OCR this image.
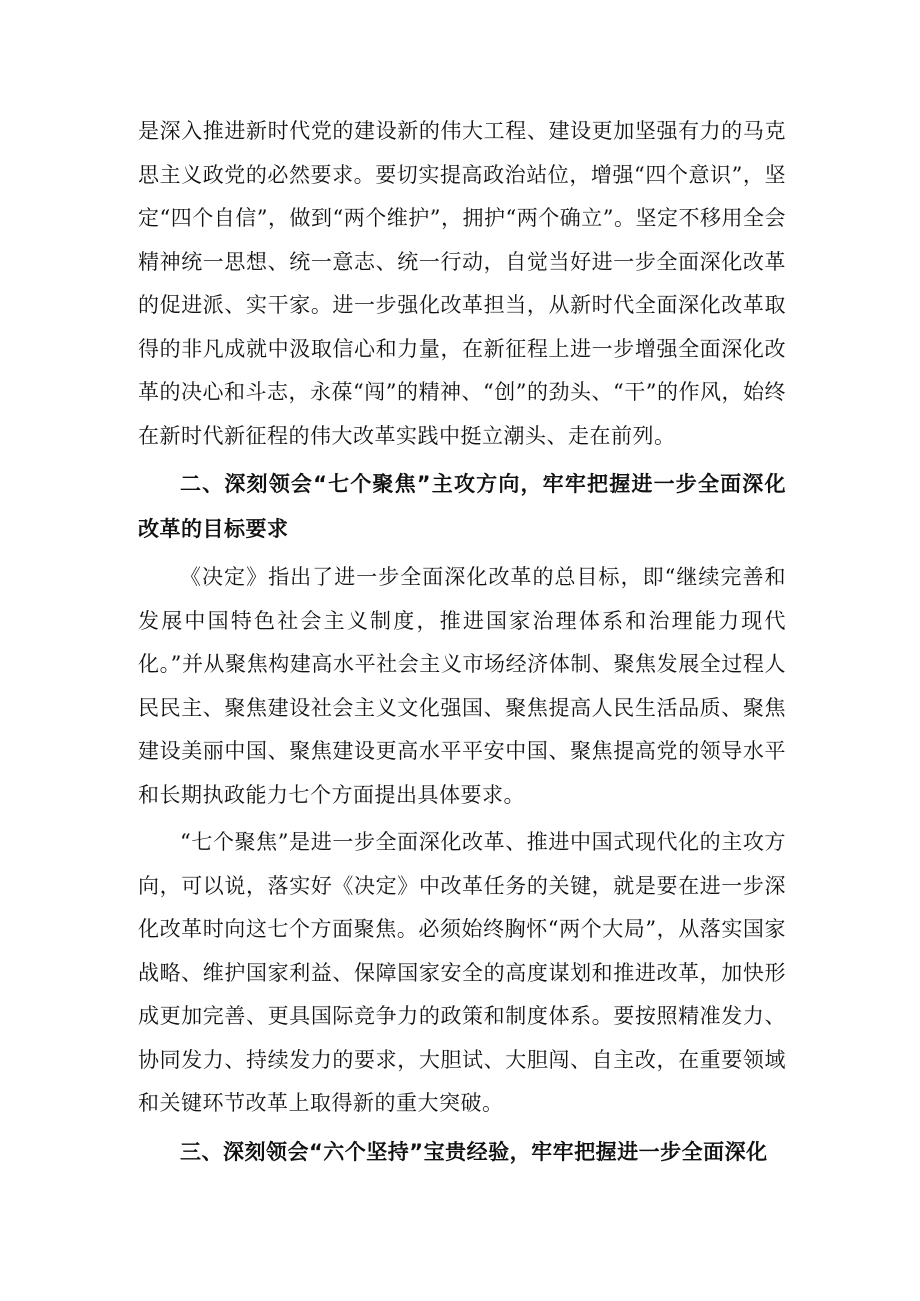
是深入推进新时代党的建设新的伟大工程、建设更加坚强有力的马克思主义政党的必然要求。要切实提高政治站位，增强“四个意识”，坚定“四个自信”，做到“两个维护”，拥护“两个确立”。坚定不移用全会精神统一思想、统一意志、统一行动，自觉当好进一步全面深化改革的促进派、实干家。进一步强化改革担当，从新时代全面深化改革取得的非凡成就中汲取信心和力量，在新征程上进一步增强全面深化改革的决心和斗志，永葆“闯”的精神、“创”的劲头、“干”的作风，始终在新时代新征程的伟大改革实践中挺立潮头、走在前列。

二、深刻领会“七个聚焦”主攻方向，牢牢把握进一步全面深化改革的目标要求

《决定》指出了进一步全面深化改革的总目标，即“继续完善和发展中国特色社会主义制度，推进国家治理体系和治理能力现代化。”并从聚焦构建高水平社会主义市场经济体制、聚焦发展全过程人民民主、聚焦建设社会主义文化强国、聚焦提高人民生活品质、聚焦建设美丽中国、聚焦建设更高水平平安中国、聚焦提高党的领导水平和长期执政能力七个方面提出具体要求。

“七个聚焦”是进一步全面深化改革、推进中国式现代化的主攻方向，可以说，落实好《决定》中改革任务的关键，就是要在进一步深化改革时向这七个方面聚焦。必须始终胸怀“两个大局”，从落实国家战略、维护国家利益、保障国家安全的高度谋划和推进改革，加快形成更加完善、更具国际竞争力的政策和制度体系。要按照精准发力、协同发力、持续发力的要求，大胆试、大胆闯、自主改，在重要领域和关键环节改革上取得新的重大突破。

三、深刻领会“六个坚持”宝贵经验，牢牢把握进一步全面深化
